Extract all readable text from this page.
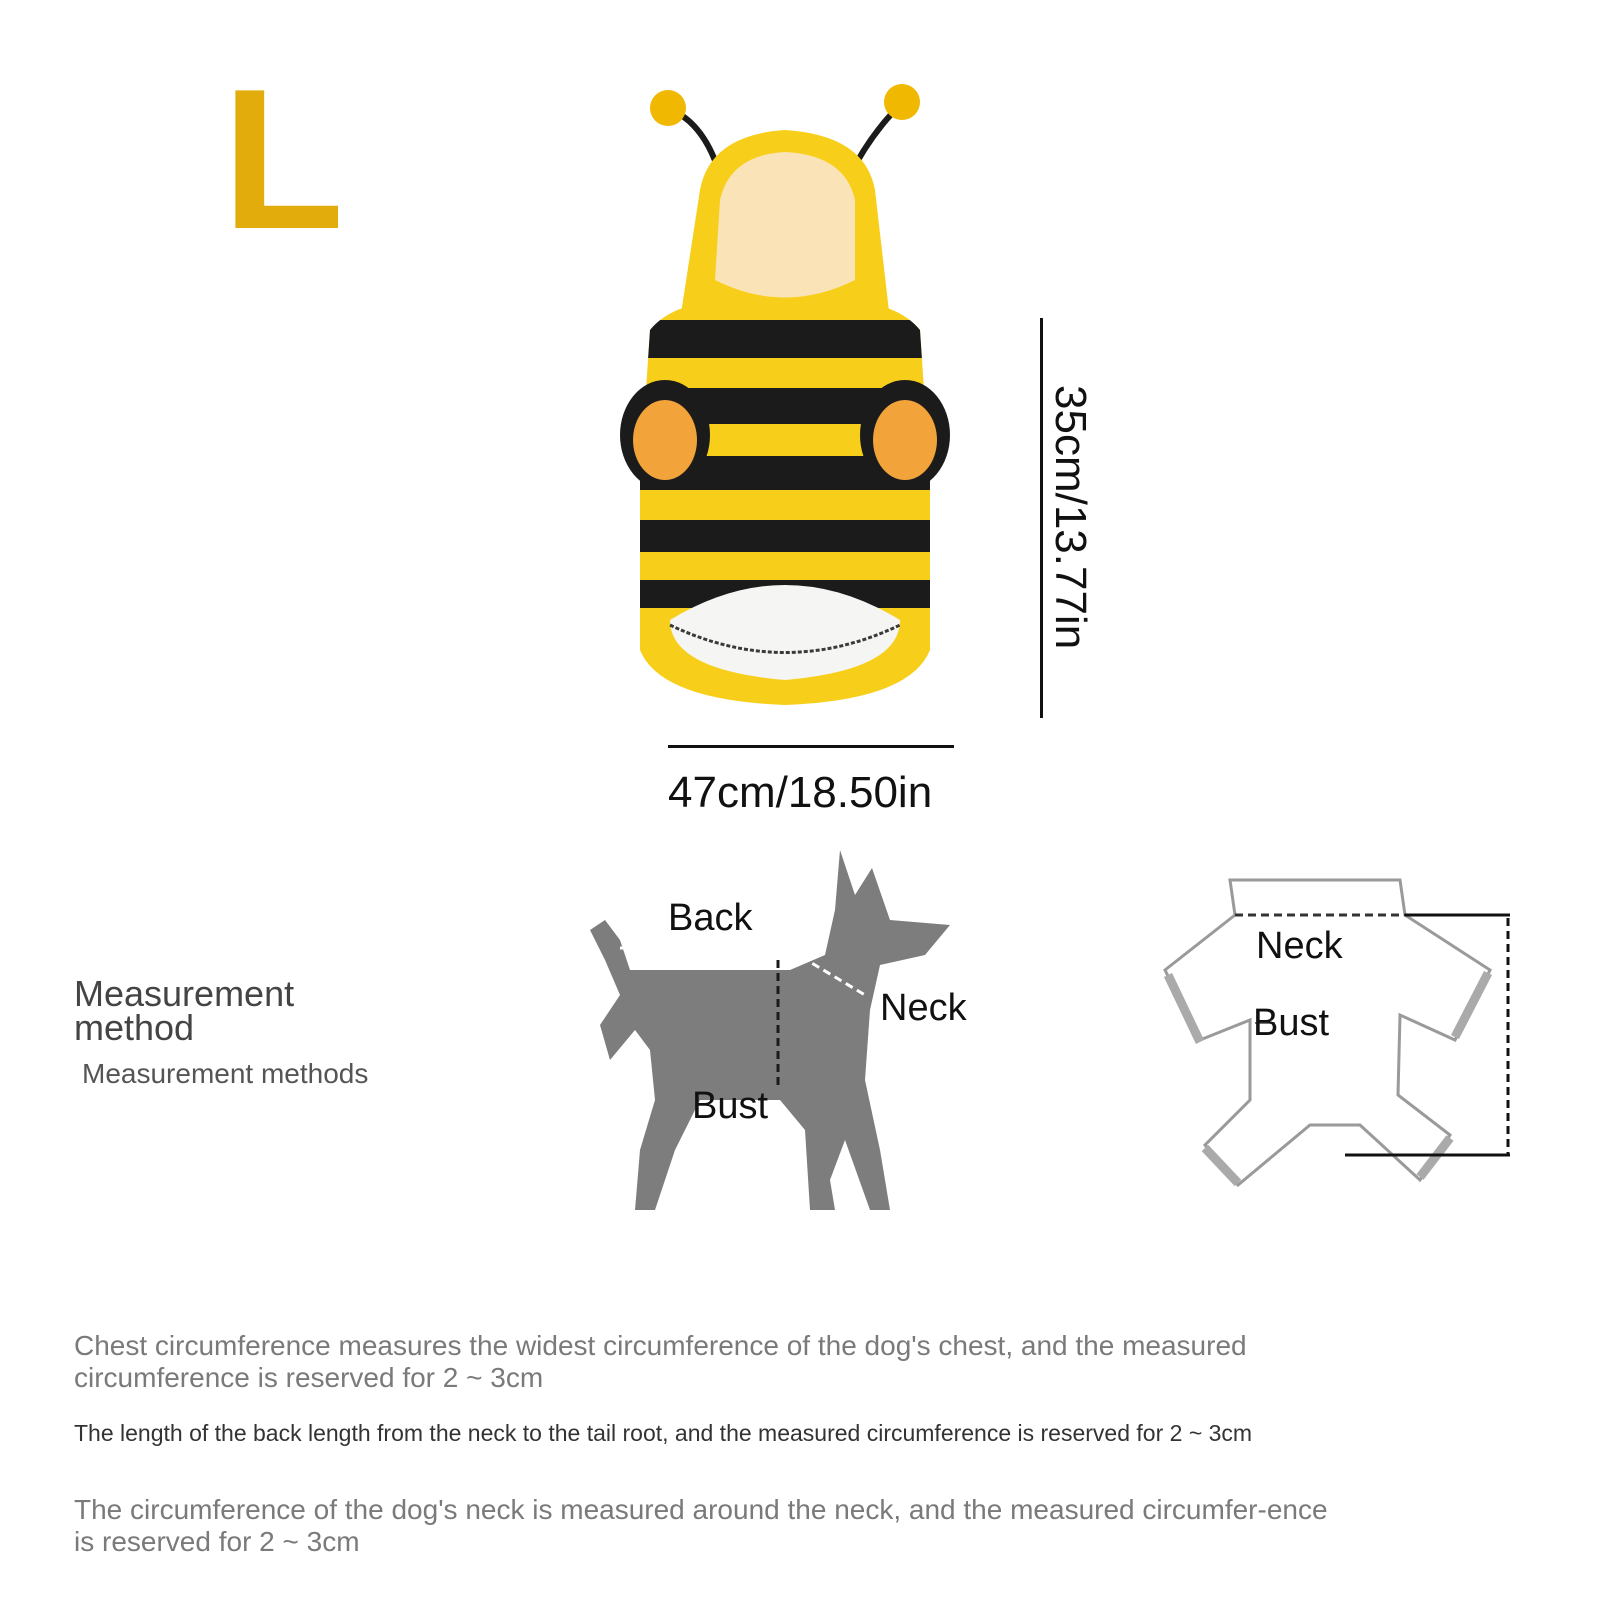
L
35cm/13.77in
47cm/18.50in
Measurement method
Measurement methods
Back
Neck
Bust
Neck
Bust
Chest circumference measures the widest circumference of the dog's chest, and the measured circumference is reserved for 2 ~ 3cm
The length of the back length from the neck to the tail root, and the measured circumference is reserved for 2 ~ 3cm
The circumference of the dog's neck is measured around the neck, and the measured circumfer-ence is reserved for 2 ~ 3cm
